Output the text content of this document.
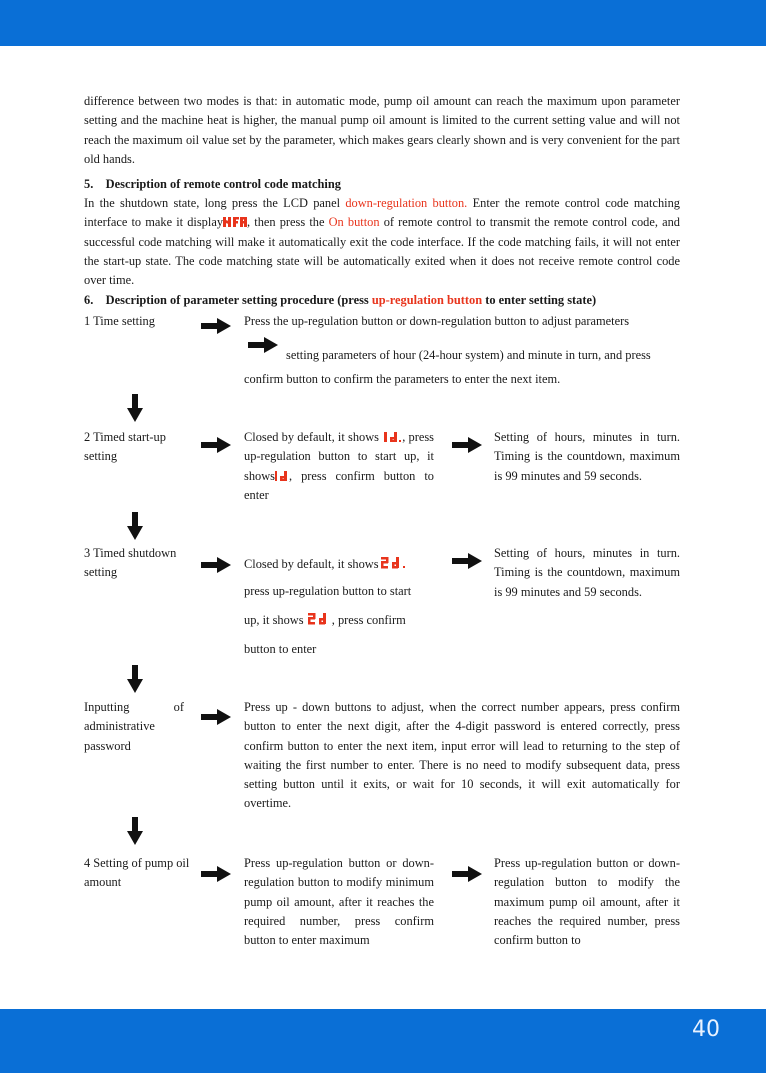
difference between two modes is that: in automatic mode, pump oil amount can reach the maximum upon parameter setting and the machine heat is higher, the manual pump oil amount is limited to the current setting value and will not reach the maximum oil value set by the parameter, which makes gears clearly shown and is very convenient for the part old hands.
5.    Description of remote control code matching
In the shutdown state, long press the LCD panel down-regulation button. Enter the remote control code matching interface to make it display , then press the On button of remote control to transmit the remote control code, and successful code matching will make it automatically exit the code interface. If the code matching fails, it will not enter the start-up state. The code matching state will be automatically exited when it does not receive remote control code over time.
6.    Description of parameter setting procedure (press up-regulation button to enter setting state)
1 Time setting	Press the up-regulation button or down-regulation button to adjust parameters
setting parameters of hour (24-hour system) and minute in turn, and press
confirm button to confirm the parameters to enter the next item.
2 Timed start-up setting
Closed by default, it shows , press up-regulation button to start up, it shows , press confirm button to enter
Setting of hours, minutes in turn. Timing is the countdown, maximum is 99 minutes and 59 seconds.
3 Timed shutdown setting
Closed by default, it shows
press up-regulation button to start
up, it shows , press confirm
button to enter
Setting of hours, minutes in turn. Timing is the countdown, maximum is 99 minutes and 59 seconds.
Inputting of administrative password
Press up - down buttons to adjust, when the correct number appears, press confirm button to enter the next digit, after the 4-digit password is entered correctly, press confirm button to enter the next item, input error will lead to returning to the step of waiting the first number to enter. There is no need to modify subsequent data, press setting button until it exits, or wait for 10 seconds, it will exit automatically for overtime.
4 Setting of pump oil amount
Press up-regulation button or down-regulation button to modify minimum pump oil amount, after it reaches the required number, press confirm button to enter maximum
Press up-regulation button or down-regulation button to modify the maximum pump oil amount, after it reaches the required number, press confirm button to
40
